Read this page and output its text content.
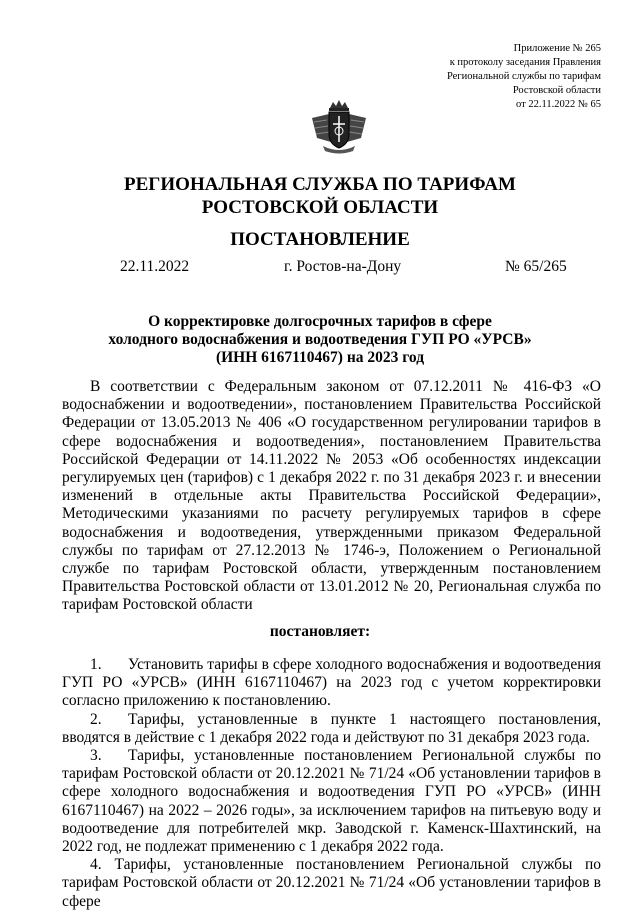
Приложение № 265
к протоколу заседания Правления
Региональной службы по тарифам
Ростовской области
от 22.11.2022 № 65
РЕГИОНАЛЬНАЯ СЛУЖБА ПО ТАРИФАМ
РОСТОВСКОЙ ОБЛАСТИ
ПОСТАНОВЛЕНИЕ
22.11.2022	г. Ростов-на-Дону	№ 65/265
О корректировке долгосрочных тарифов в сфере
холодного водоснабжения и водоотведения ГУП РО «УРСВ»
(ИНН 6167110467) на 2023 год

В соответствии с Федеральным законом от 07.12.2011 № 416-ФЗ «О водоснабжении и водоотведении», постановлением Правительства Российской Федерации от 13.05.2013 № 406 «О государственном регулировании тарифов в сфере водоснабжения и водоотведения», постановлением Правительства Российской Федерации от 14.11.2022 № 2053 «Об особенностях индексации регулируемых цен (тарифов) с 1 декабря 2022 г. по 31 декабря 2023 г. и внесении изменений в отдельные акты Правительства Российской Федерации», Методическими указаниями по расчету регулируемых тарифов в сфере водоснабжения и водоотведения, утвержденными приказом Федеральной службы по тарифам от 27.12.2013 № 1746-э, Положением о Региональной службе по тарифам Ростовской области, утвержденным постановлением Правительства Ростовской области от 13.01.2012 № 20, Региональная служба по тарифам Ростовской области

постановляет:

1. Установить тарифы в сфере холодного водоснабжения и водоотведения ГУП РО «УРСВ» (ИНН 6167110467) на 2023 год с учетом корректировки согласно приложению к постановлению.

2. Тарифы, установленные в пункте 1 настоящего постановления, вводятся в действие с 1 декабря 2022 года и действуют по 31 декабря 2023 года.

3. Тарифы, установленные постановлением Региональной службы по тарифам Ростовской области от 20.12.2021 № 71/24 «Об установлении тарифов в сфере холодного водоснабжения и водоотведения ГУП РО «УРСВ» (ИНН 6167110467) на 2022 – 2026 годы», за исключением тарифов на питьевую воду и водоотведение для потребителей мкр. Заводской г. Каменск-Шахтинский, на 2022 год, не подлежат применению с 1 декабря 2022 года.

4. Тарифы, установленные постановлением Региональной службы по тарифам Ростовской области от 20.12.2021 № 71/24 «Об установлении тарифов в сфере
